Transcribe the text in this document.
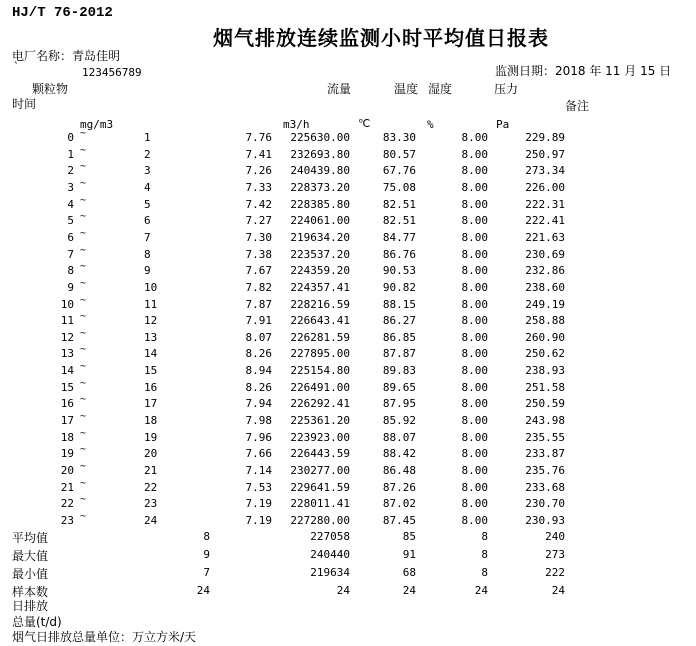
HJ/T 76-2012
烟气排放连续监测小时平均值日报表
电厂名称：青岛佳明
`	123456789	监测日期：2018 年 11 月 15 日
颗粒物	流量	温度 湿度	压力
时间	备注
mg/m3	m3/h	℃	%	Pa
0 ~	1	7.76	225630.00	83.30	8.00	229.89
1 ~	2	7.41	232693.80	80.57	8.00	250.97
2 ~	3	7.26	240439.80	67.76	8.00	273.34
3 ~	4	7.33	228373.20	75.08	8.00	226.00
4 ~	5	7.42	228385.80	82.51	8.00	222.31
5 ~	6	7.27	224061.00	82.51	8.00	222.41
6 ~	7	7.30	219634.20	84.77	8.00	221.63
7 ~	8	7.38	223537.20	86.76	8.00	230.69
8 ~	9	7.67	224359.20	90.53	8.00	232.86
9 ~	10	7.82	224357.41	90.82	8.00	238.60
10 ~	11	7.87	228216.59	88.15	8.00	249.19
11 ~	12	7.91	226643.41	86.27	8.00	258.88
12 ~	13	8.07	226281.59	86.85	8.00	260.90
13 ~	14	8.26	227895.00	87.87	8.00	250.62
14 ~	15	8.94	225154.80	89.83	8.00	238.93
15 ~	16	8.26	226491.00	89.65	8.00	251.58
16 ~	17	7.94	226292.41	87.95	8.00	250.59
17 ~	18	7.98	225361.20	85.92	8.00	243.98
18 ~	19	7.96	223923.00	88.07	8.00	235.55
19 ~	20	7.66	226443.59	88.42	8.00	233.87
20 ~	21	7.14	230277.00	86.48	8.00	235.76
21 ~	22	7.53	229641.59	87.26	8.00	233.68
22 ~	23	7.19	228011.41	87.02	8.00	230.70
23 ~	24	7.19	227280.00	87.45	8.00	230.93
平均值	8	227058	85	8	240
最大值	9	240440	91	8	273
最小值	7	219634	68	8	222
样本数	24	24	24	24	24
日排放
总量(t/d)
烟气日排放总量单位：万立方米/天
